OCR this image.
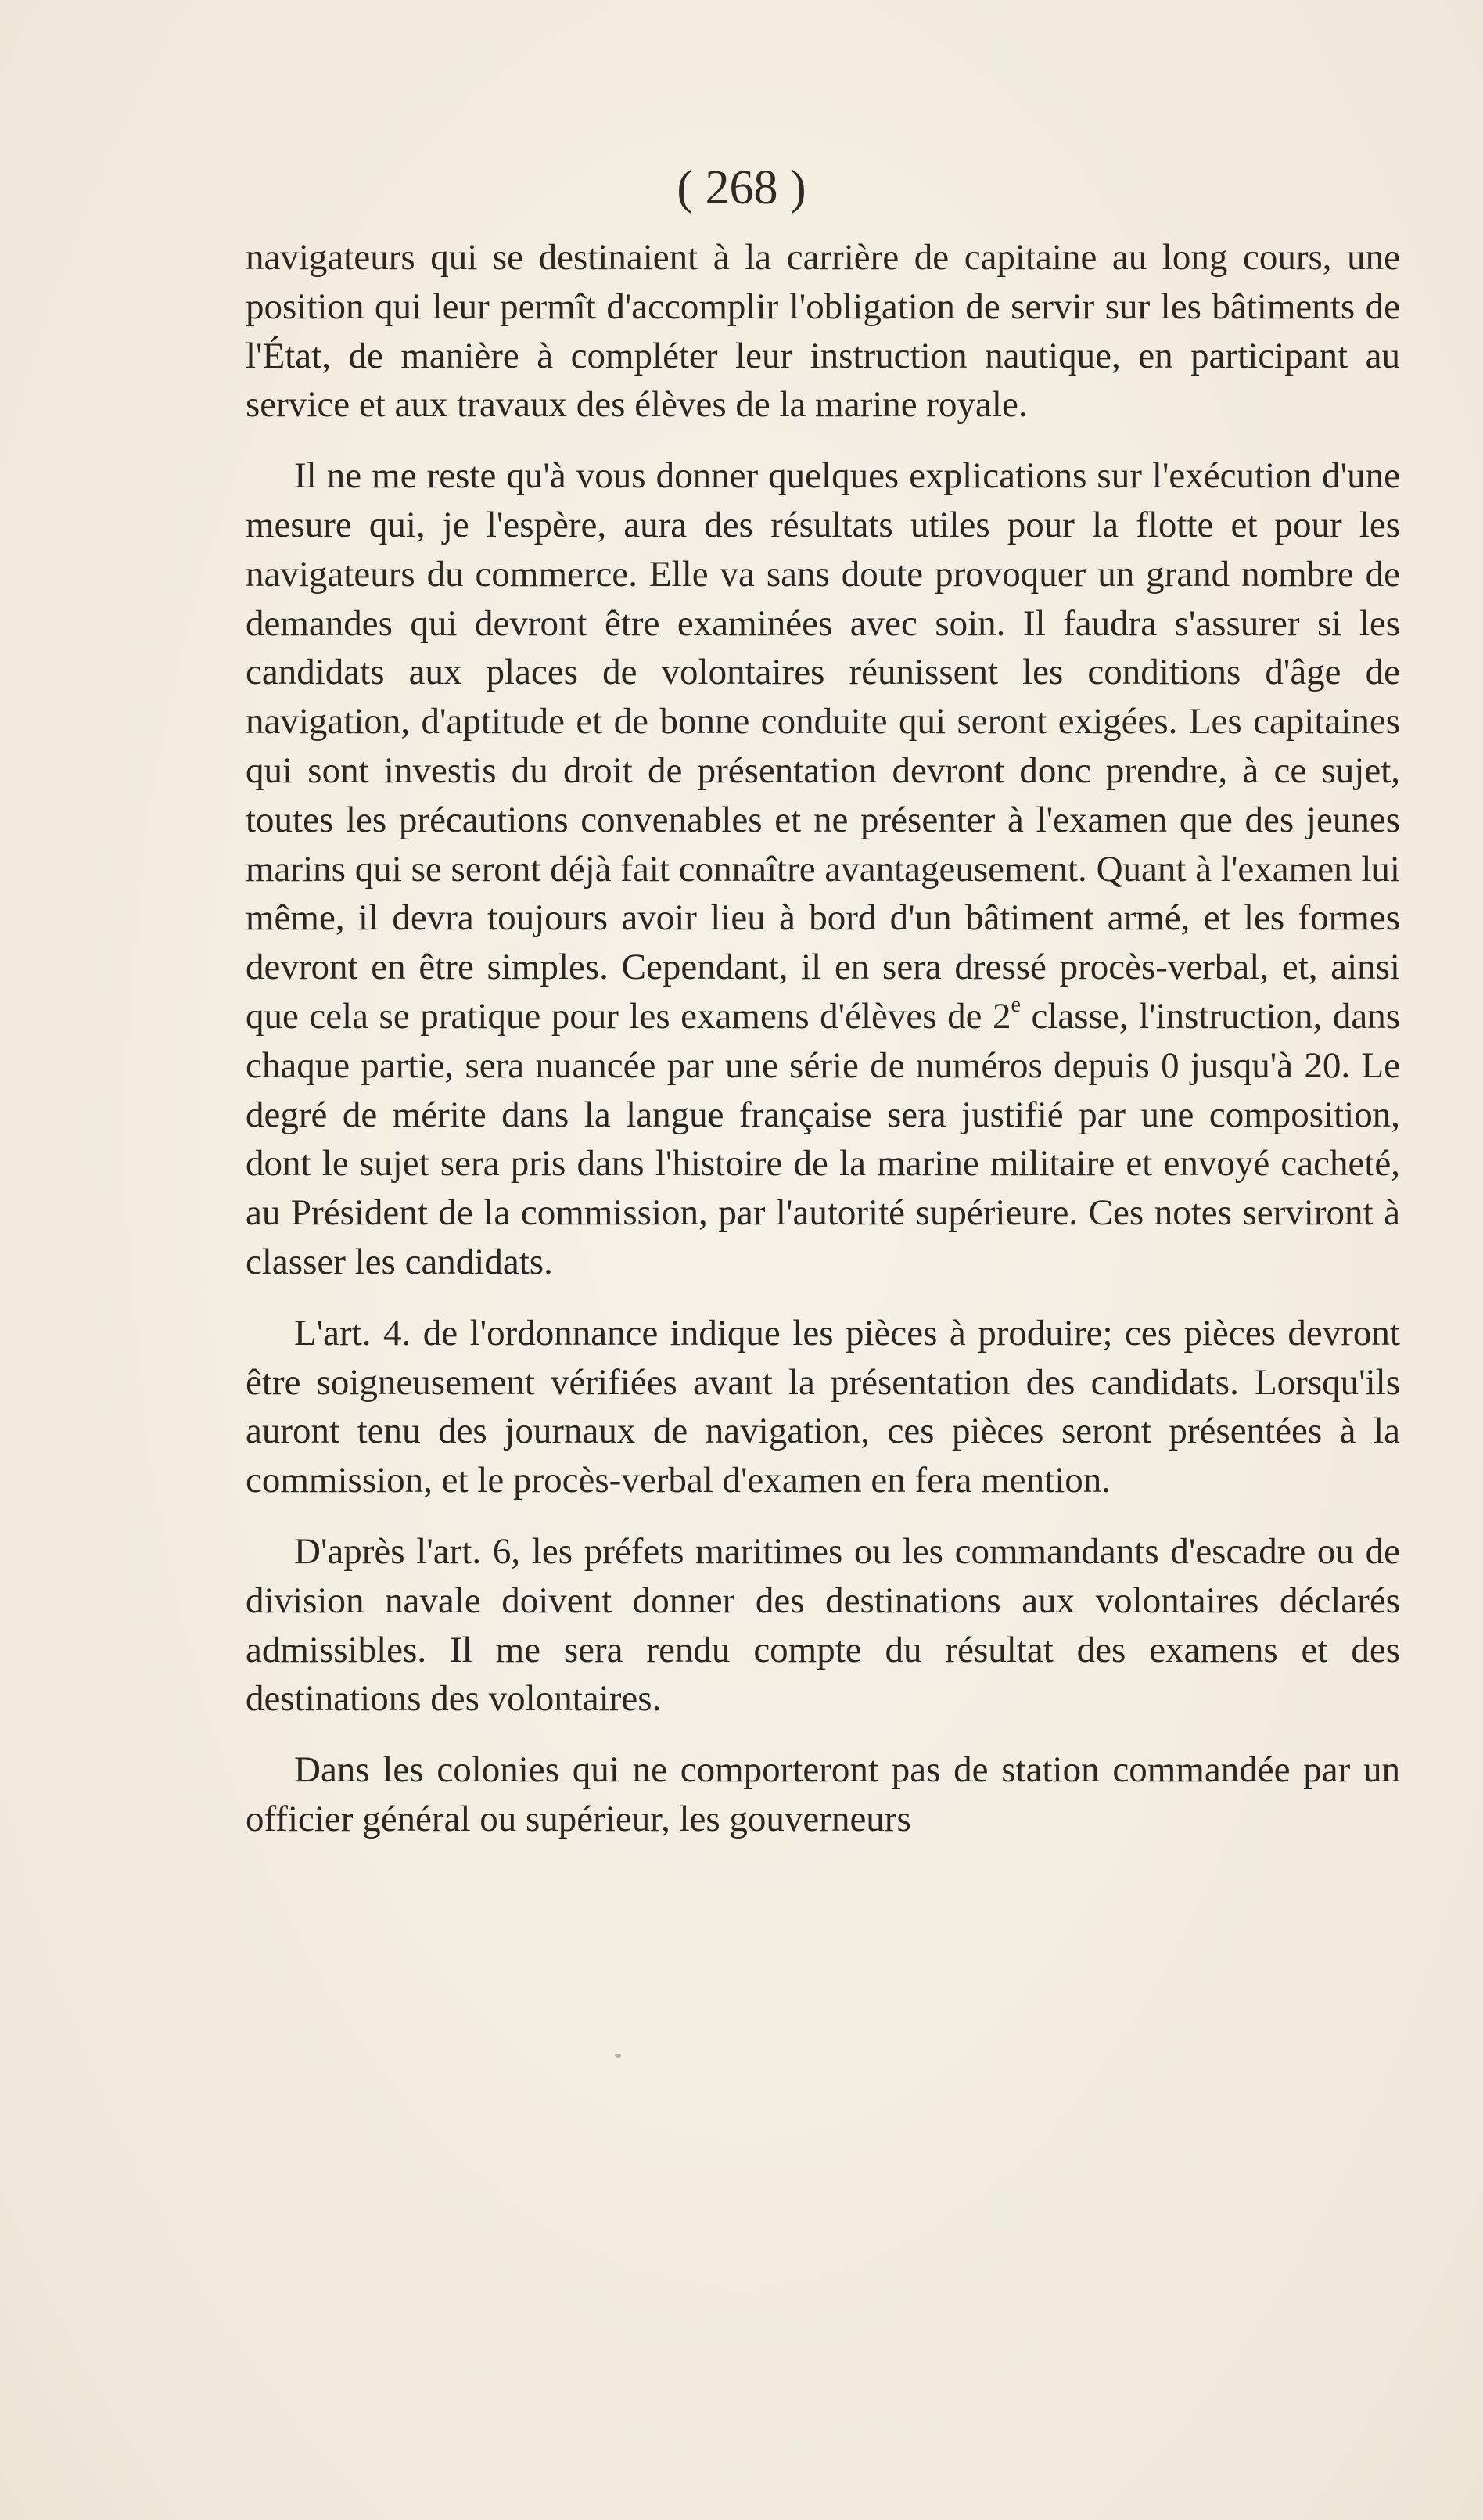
( 268 )

navigateurs qui se destinaient à la carrière de capitaine au long cours, une position qui leur permît d'accomplir l'obligation de servir sur les bâtiments de l'État, de manière à compléter leur instruction nautique, en participant au service et aux travaux des élèves de la marine royale.

Il ne me reste qu'à vous donner quelques explications sur l'exécution d'une mesure qui, je l'espère, aura des résultats utiles pour la flotte et pour les navigateurs du commerce. Elle va sans doute provoquer un grand nombre de demandes qui devront être examinées avec soin. Il faudra s'assurer si les candidats aux places de volontaires réunissent les conditions d'âge de navigation, d'aptitude et de bonne conduite qui seront exigées. Les capitaines qui sont investis du droit de présentation devront donc prendre, à ce sujet, toutes les précautions convenables et ne présenter à l'examen que des jeunes marins qui se seront déjà fait connaître avantageusement. Quant à l'examen lui même, il devra toujours avoir lieu à bord d'un bâtiment armé, et les formes devront en être simples. Cependant, il en sera dressé procès-verbal, et, ainsi que cela se pratique pour les examens d'élèves de 2e classe, l'instruction, dans chaque partie, sera nuancée par une série de numéros depuis 0 jusqu'à 20. Le degré de mérite dans la langue française sera justifié par une composition, dont le sujet sera pris dans l'histoire de la marine militaire et envoyé cacheté, au Président de la commission, par l'autorité supérieure. Ces notes serviront à classer les candidats.

L'art. 4. de l'ordonnance indique les pièces à produire; ces pièces devront être soigneusement vérifiées avant la présentation des candidats. Lorsqu'ils auront tenu des journaux de navigation, ces pièces seront présentées à la commission, et le procès-verbal d'examen en fera mention.

D'après l'art. 6, les préfets maritimes ou les commandants d'escadre ou de division navale doivent donner des destinations aux volontaires déclarés admissibles. Il me sera rendu compte du résultat des examens et des destinations des volontaires.

Dans les colonies qui ne comporteront pas de station commandée par un officier général ou supérieur, les gouverneurs
